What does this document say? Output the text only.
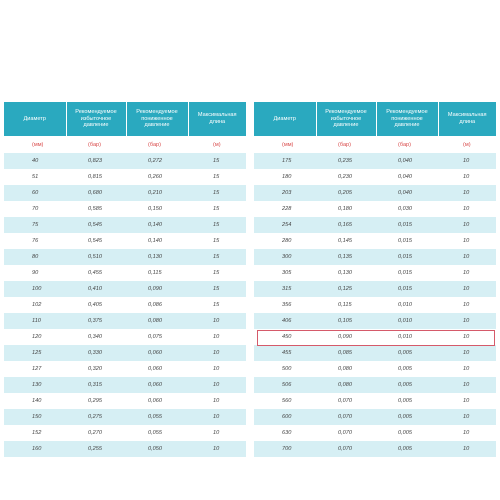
Диаметр	Рекомендуемое избыточное давление	Рекомендуемое пониженное давление	Максимальная длина
(мм)	(бар)	(бар)	(м)
40	0,823	0,272	15
51	0,815	0,260	15
60	0,680	0,210	15
70	0,585	0,150	15
75	0,545	0,140	15
76	0,545	0,140	15
80	0,510	0,130	15
90	0,455	0,115	15
100	0,410	0,090	15
102	0,405	0,086	15
110	0,375	0,080	10
120	0,340	0,075	10
125	0,330	0,060	10
127	0,320	0,060	10
130	0,315	0,060	10
140	0,295	0,060	10
150	0,275	0,055	10
152	0,270	0,055	10
160	0,255	0,050	10
Диаметр	Рекомендуемое избыточное давление	Рекомендуемое пониженное давление	Максимальная длина
(мм)	(бар)	(бар)	(м)
175	0,235	0,040	10
180	0,230	0,040	10
203	0,205	0,040	10
228	0,180	0,030	10
254	0,165	0,015	10
280	0,145	0,015	10
300	0,135	0,015	10
305	0,130	0,015	10
315	0,125	0,015	10
356	0,115	0,010	10
406	0,105	0,010	10
450	0,090	0,010	10
455	0,085	0,005	10
500	0,080	0,005	10
506	0,080	0,005	10
560	0,070	0,005	10
600	0,070	0,005	10
630	0,070	0,005	10
700	0,070	0,005	10
